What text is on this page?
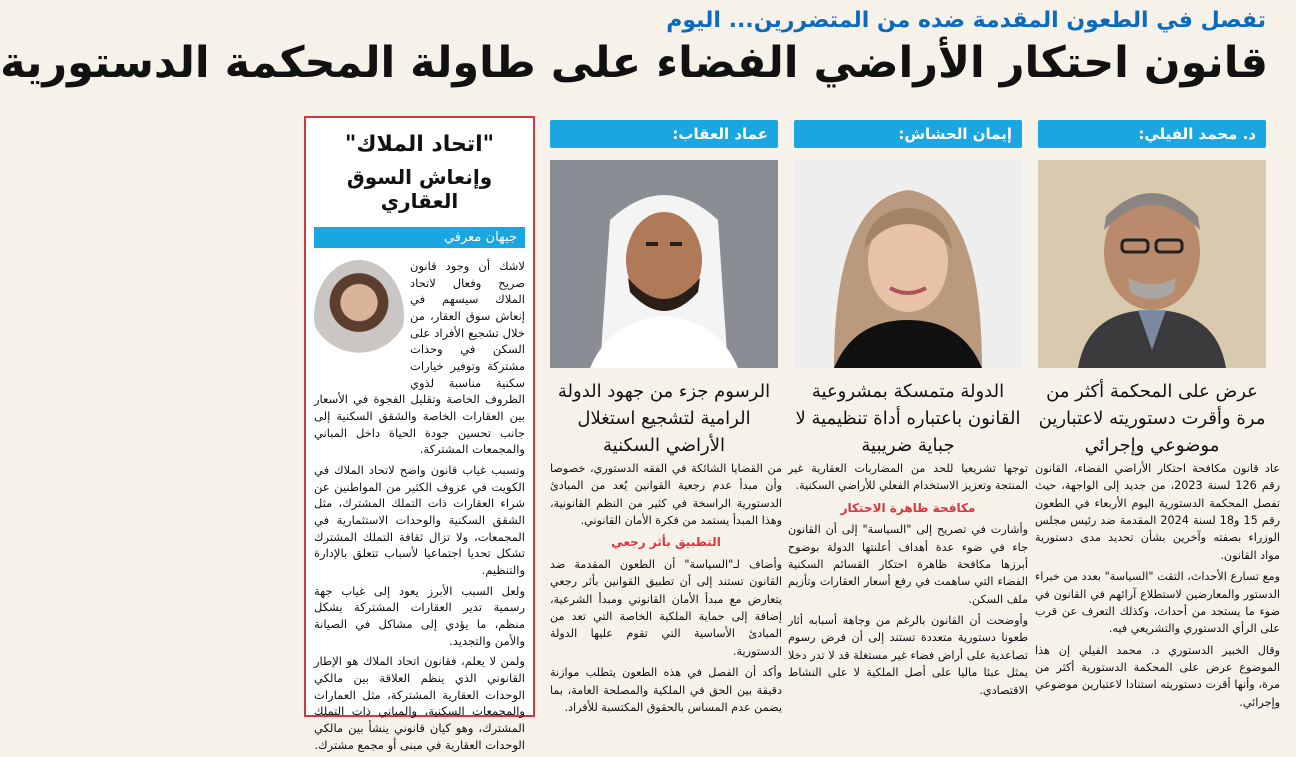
تفصل في الطعون المقدمة ضده من المتضررين... اليوم
قانون احتكار الأراضي الفضاء على طاولة المحكمة الدستورية
د. محمد الفيلي:
عرض على المحكمة أكثر من مرة وأقرت دستوريته لاعتبارين موضوعي وإجرائي
إيمان الحشاش:
الدولة متمسكة بمشروعية القانون باعتباره أداة تنظيمية لا جباية ضريبية
عماد العقاب:
الرسوم جزء من جهود الدولة الرامية لتشجيع استغلال الأراضي السكنية

عاد قانون مكافحة احتكار الأراضي الفضاء، القانون رقم 126 لسنة 2023، من جديد إلى الواجهة، حيث تفصل المحكمة الدستورية اليوم الأربعاء في الطعون رقم 15 و18 لسنة 2024 المقدمة ضد رئيس مجلس الوزراء بصفته وآخرين بشأن تحديد مدى دستورية مواد القانون.

ومع تسارع الأحداث، التقت "السياسة" بعدد من خبراء الدستور والمعارضين لاستطلاع آرائهم في القانون في ضوء ما يستجد من أحداث، وكذلك التعرف عن قرب على الرأي الدستوري والتشريعي فيه.

وقال الخبير الدستوري د. محمد الفيلي إن هذا الموضوع عرض على المحكمة الدستورية أكثر من مرة، وأنها أقرت دستوريته استنادا لاعتبارين موضوعي وإجرائي.

توجها تشريعيا للحد من المضاربات العقارية غير المنتجة وتعزيز الاستخدام الفعلي للأراضي السكنية.

مكافحة ظاهرة الاحتكار

وأشارت في تصريح إلى "السياسة" إلى أن القانون جاء في ضوء عدة أهداف أعلنتها الدولة بوضوح أبرزها مكافحة ظاهرة احتكار القسائم السكنية الفضاء التي ساهمت في رفع أسعار العقارات وتأزيم ملف السكن.

وأوضحت أن القانون بالرغم من وجاهة أسبابه أثار طعونا دستورية متعددة تستند إلى أن فرض رسوم تصاعدية على أراض فضاء غير مستغلة قد لا تدر دخلا يمثل عبئا ماليا على أصل الملكية لا على النشاط الاقتصادي.

من القضايا الشائكة في الفقه الدستوري، خصوصا وأن مبدأ عدم رجعية القوانين يُعد من المبادئ الدستورية الراسخة في كثير من النظم القانونية، وهذا المبدأ يستمد من فكرة الأمان القانوني.

التطبيق بأثر رجعي

وأضاف لـ"السياسة" أن الطعون المقدمة ضد القانون تستند إلى أن تطبيق القوانين بأثر رجعي يتعارض مع مبدأ الأمان القانوني ومبدأ الشرعية، إضافة إلى حماية الملكية الخاصة التي تعد من المبادئ الأساسية التي تقوم عليها الدولة الدستورية.

وأكد أن الفصل في هذه الطعون يتطلب موازنة دقيقة بين الحق في الملكية والمصلحة العامة، بما يضمن عدم المساس بالحقوق المكتسبة للأفراد.

"اتحاد الملاك"
وإنعاش السوق العقاري
جيهان معرفي

لاشك أن وجود قانون صريح وفعال لاتحاد الملاك سيسهم في إنعاش سوق العقار، من خلال تشجيع الأفراد على السكن في وحدات مشتركة وتوفير خيارات سكنية مناسبة لذوي الظروف الخاصة وتقليل الفجوة في الأسعار بين العقارات الخاصة والشقق السكنية إلى جانب تحسين جودة الحياة داخل المباني والمجمعات المشتركة.

وتسبب غياب قانون واضح لاتحاد الملاك في الكويت في عزوف الكثير من المواطنين عن شراء العقارات ذات التملك المشترك، مثل الشقق السكنية والوحدات الاستثمارية في المجمعات، ولا تزال ثقافة التملك المشترك تشكل تحديا اجتماعيا لأسباب تتعلق بالإدارة والتنظيم.

ولعل السبب الأبرز يعود إلى غياب جهة رسمية تدير العقارات المشتركة بشكل منظم، ما يؤدي إلى مشاكل في الصيانة والأمن والتجديد.

ولمن لا يعلم، فقانون اتحاد الملاك هو الإطار القانوني الذي ينظم العلاقة بين مالكي الوحدات العقارية المشتركة، مثل العمارات والمجمعات السكنية، والمباني ذات التملك المشترك، وهو كيان قانوني ينشأ بين مالكي الوحدات العقارية في مبنى أو مجمع مشترك.
